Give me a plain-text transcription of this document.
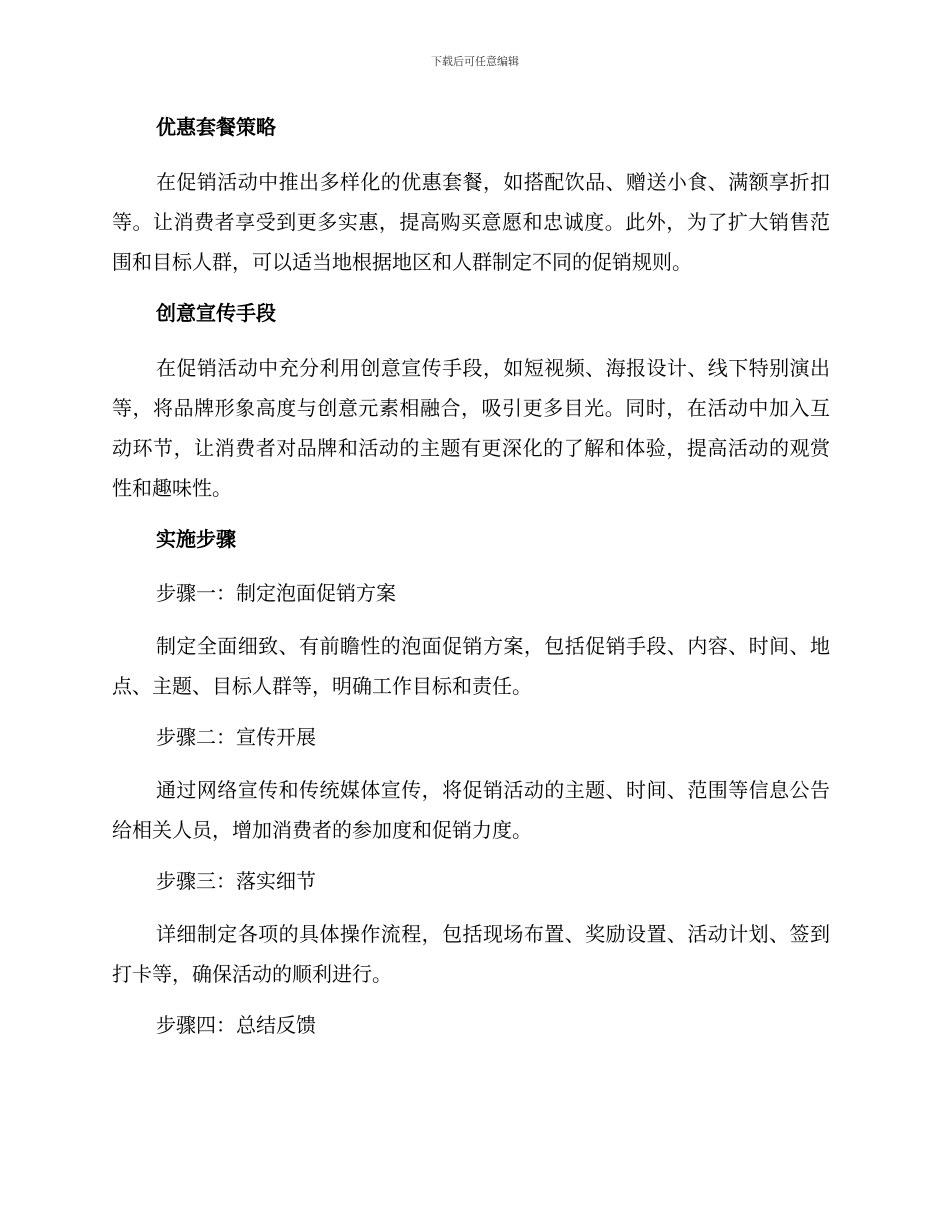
下载后可任意编辑
优惠套餐策略

在促销活动中推出多样化的优惠套餐，如搭配饮品、赠送小食、满额享折扣等。让消费者享受到更多实惠，提高购买意愿和忠诚度。此外，为了扩大销售范围和目标人群，可以适当地根据地区和人群制定不同的促销规则。

创意宣传手段

在促销活动中充分利用创意宣传手段，如短视频、海报设计、线下特别演出等，将品牌形象高度与创意元素相融合，吸引更多目光。同时，在活动中加入互动环节，让消费者对品牌和活动的主题有更深化的了解和体验，提高活动的观赏性和趣味性。

实施步骤
步骤一：制定泡面促销方案

制定全面细致、有前瞻性的泡面促销方案，包括促销手段、内容、时间、地点、主题、目标人群等，明确工作目标和责任。

步骤二：宣传开展

通过网络宣传和传统媒体宣传，将促销活动的主题、时间、范围等信息公告给相关人员，增加消费者的参加度和促销力度。

步骤三：落实细节

详细制定各项的具体操作流程，包括现场布置、奖励设置、活动计划、签到打卡等，确保活动的顺利进行。

步骤四：总结反馈
